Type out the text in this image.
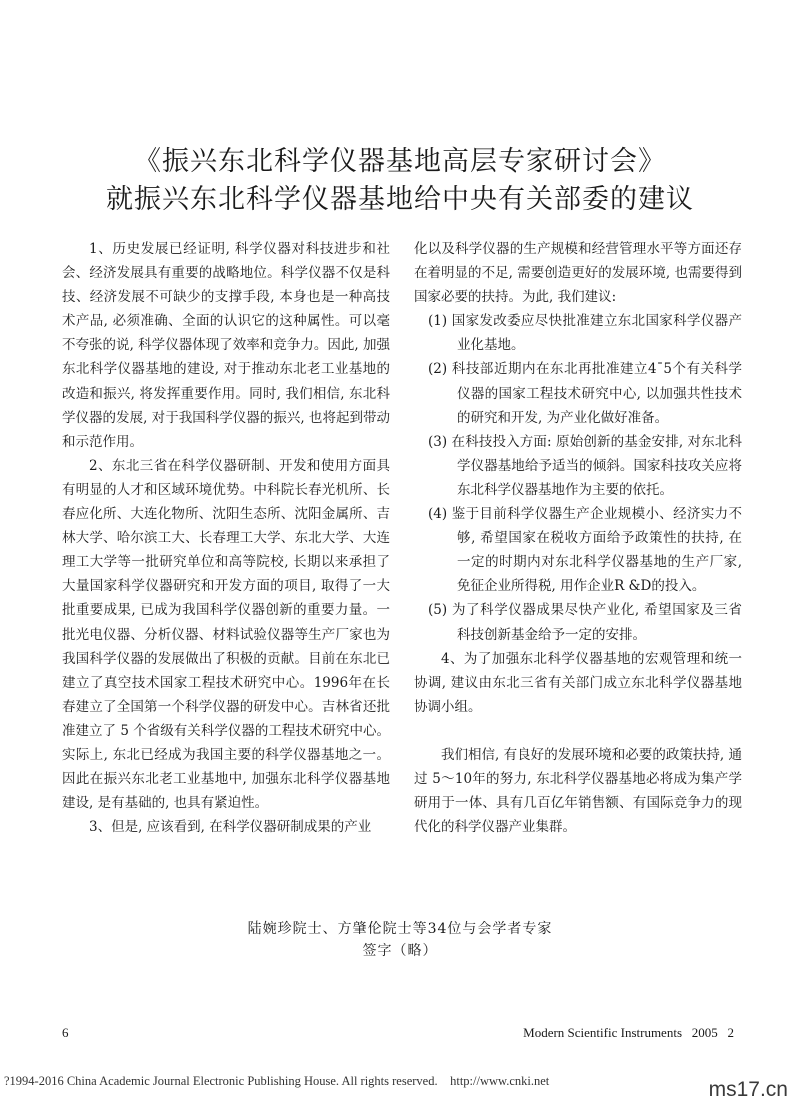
《振兴东北科学仪器基地高层专家研讨会》
就振兴东北科学仪器基地给中央有关部委的建议

1、历史发展已经证明, 科学仪器对科技进步和社会、经济发展具有重要的战略地位。科学仪器不仅是科技、经济发展不可缺少的支撑手段, 本身也是一种高技术产品, 必须准确、全面的认识它的这种属性。可以毫不夸张的说, 科学仪器体现了效率和竞争力。因此, 加强东北科学仪器基地的建设, 对于推动东北老工业基地的改造和振兴, 将发挥重要作用。同时, 我们相信, 东北科学仪器的发展, 对于我国科学仪器的振兴, 也将起到带动和示范作用。

2、东北三省在科学仪器研制、开发和使用方面具有明显的人才和区域环境优势。中科院长春光机所、长春应化所、大连化物所、沈阳生态所、沈阳金属所、吉林大学、哈尔滨工大、长春理工大学、东北大学、大连理工大学等一批研究单位和高等院校, 长期以来承担了大量国家科学仪器研究和开发方面的项目, 取得了一大批重要成果, 已成为我国科学仪器创新的重要力量。一批光电仪器、分析仪器、材料试验仪器等生产厂家也为我国科学仪器的发展做出了积极的贡献。目前在东北已建立了真空技术国家工程技术研究中心。1996年在长春建立了全国第一个科学仪器的研发中心。吉林省还批准建立了 5 个省级有关科学仪器的工程技术研究中心。实际上, 东北已经成为我国主要的科学仪器基地之一。因此在振兴东北老工业基地中, 加强东北科学仪器基地建设, 是有基础的, 也具有紧迫性。

3、但是, 应该看到, 在科学仪器研制成果的产业

化以及科学仪器的生产规模和经营管理水平等方面还存在着明显的不足, 需要创造更好的发展环境, 也需要得到国家必要的扶持。为此, 我们建议:

(1) 国家发改委应尽快批准建立东北国家科学仪器产业化基地。

(2) 科技部近期内在东北再批准建立4¯5个有关科学仪器的国家工程技术研究中心, 以加强共性技术的研究和开发, 为产业化做好准备。

(3) 在科技投入方面: 原始创新的基金安排, 对东北科学仪器基地给予适当的倾斜。国家科技攻关应将东北科学仪器基地作为主要的依托。

(4) 鉴于目前科学仪器生产企业规模小、经济实力不够, 希望国家在税收方面给予政策性的扶持, 在一定的时期内对东北科学仪器基地的生产厂家, 免征企业所得税, 用作企业R &D的投入。

(5) 为了科学仪器成果尽快产业化, 希望国家及三省科技创新基金给予一定的安排。

4、为了加强东北科学仪器基地的宏观管理和统一协调, 建议由东北三省有关部门成立东北科学仪器基地协调小组。

我们相信, 有良好的发展环境和必要的政策扶持, 通过 5～10年的努力, 东北科学仪器基地必将成为集产学研用于一体、具有几百亿年销售额、有国际竞争力的现代化的科学仪器产业集群。

陆婉珍院士、方肇伦院士等34位与会学者专家
签字（略）
6	Modern Scientific Instruments   2005   2
?1994-2016 China Academic Journal Electronic Publishing House. All rights reserved.    http://www.cnki.net	ms17.cn
